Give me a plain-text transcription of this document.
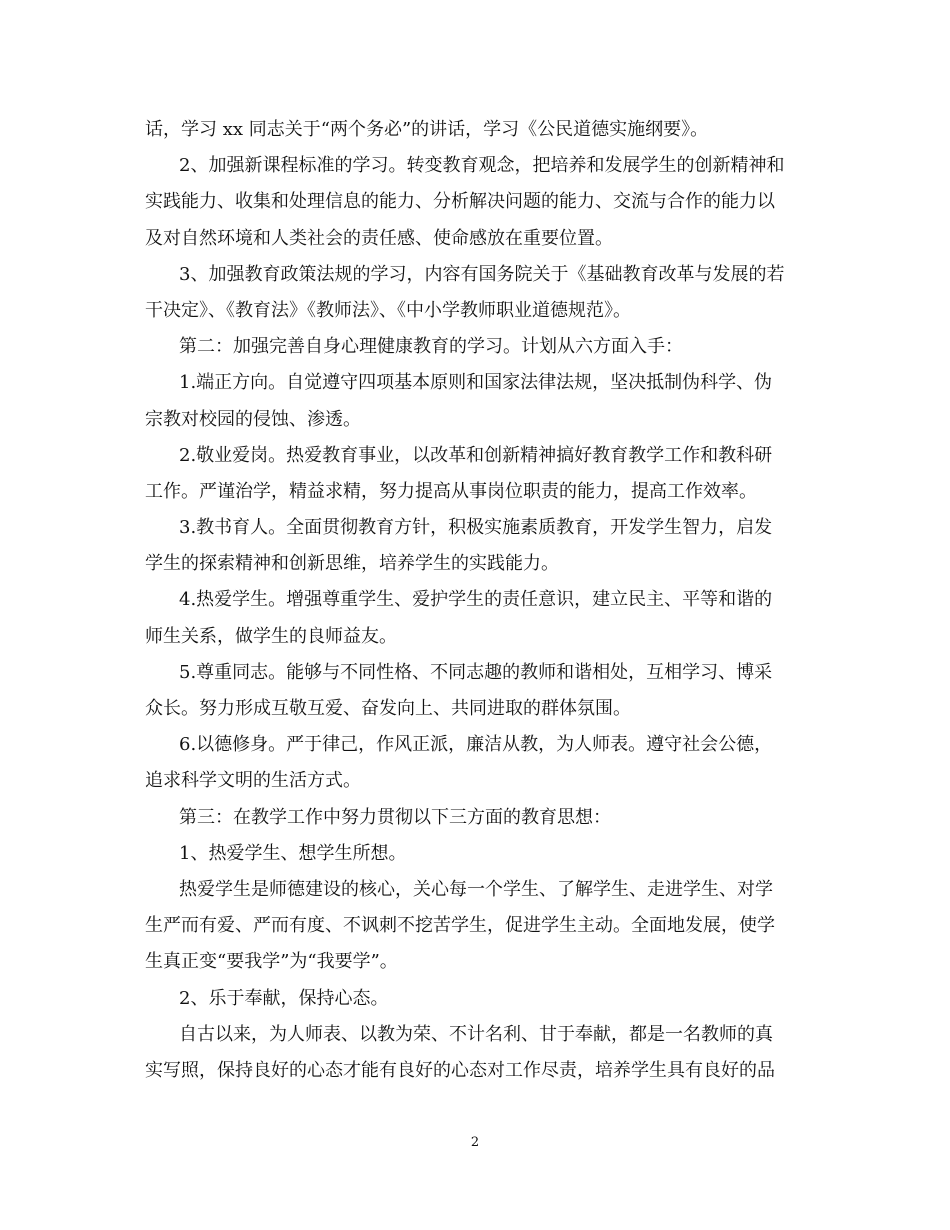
话，学习 xx 同志关于“两个务必”的讲话，学习《公民道德实施纲要》。
2、加强新课程标准的学习。转变教育观念，把培养和发展学生的创新精神和
实践能力、收集和处理信息的能力、分析解决问题的能力、交流与合作的能力以
及对自然环境和人类社会的责任感、使命感放在重要位置。
3、加强教育政策法规的学习，内容有国务院关于《基础教育改革与发展的若
干决定》、《教育法》《教师法》、《中小学教师职业道德规范》。
第二：加强完善自身心理健康教育的学习。计划从六方面入手：
1.端正方向。自觉遵守四项基本原则和国家法律法规，坚决抵制伪科学、伪
宗教对校园的侵蚀、渗透。
2.敬业爱岗。热爱教育事业，以改革和创新精神搞好教育教学工作和教科研
工作。严谨治学，精益求精，努力提高从事岗位职责的能力，提高工作效率。
3.教书育人。全面贯彻教育方针，积极实施素质教育，开发学生智力，启发
学生的探索精神和创新思维，培养学生的实践能力。
4.热爱学生。增强尊重学生、爱护学生的责任意识，建立民主、平等和谐的
师生关系，做学生的良师益友。
5.尊重同志。能够与不同性格、不同志趣的教师和谐相处，互相学习、博采
众长。努力形成互敬互爱、奋发向上、共同进取的群体氛围。
6.以德修身。严于律己，作风正派，廉洁从教，为人师表。遵守社会公德，
追求科学文明的生活方式。
第三：在教学工作中努力贯彻以下三方面的教育思想：
1、热爱学生、想学生所想。
热爱学生是师德建设的核心，关心每一个学生、了解学生、走进学生、对学
生严而有爱、严而有度、不讽刺不挖苦学生，促进学生主动。全面地发展，使学
生真正变“要我学”为“我要学”。
2、乐于奉献，保持心态。
自古以来，为人师表、以教为荣、不计名利、甘于奉献，都是一名教师的真
实写照，保持良好的心态才能有良好的心态对工作尽责，培养学生具有良好的品
2
